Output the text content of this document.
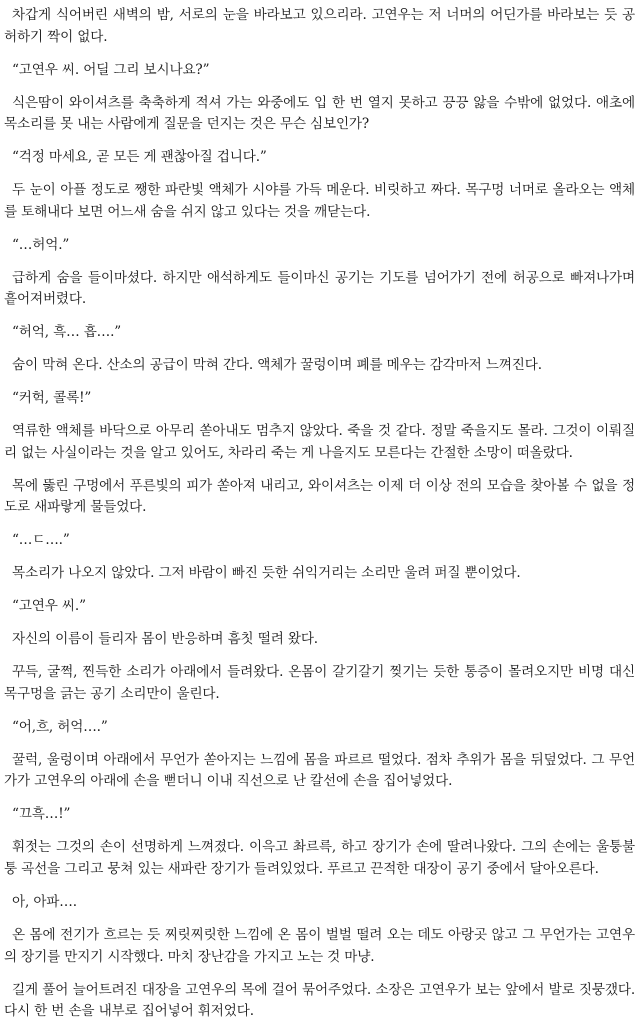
차갑게 식어버린 새벽의 밤, 서로의 눈을 바라보고 있으리라. 고연우는 저 너머의 어딘가를 바라보는 듯 공허하기 짝이 없다.

“고연우 씨. 어딜 그리 보시나요?”

식은땀이 와이셔츠를 축축하게 적셔 가는 와중에도 입 한 번 열지 못하고 끙끙 앓을 수밖에 없었다. 애초에 목소리를 못 내는 사람에게 질문을 던지는 것은 무슨 심보인가?

“걱정 마세요, 곧 모든 게 괜찮아질 겁니다.”

두 눈이 아플 정도로 쨍한 파란빛 액체가 시야를 가득 메운다. 비릿하고 짜다. 목구멍 너머로 올라오는 액체를 토해내다 보면 어느새 숨을 쉬지 않고 있다는 것을 깨닫는다.

“…허억.”

급하게 숨을 들이마셨다. 하지만 애석하게도 들이마신 공기는 기도를 넘어가기 전에 허공으로 빠져나가며 흩어져버렸다.

“허억, 흑… 흡….”

숨이 막혀 온다. 산소의 공급이 막혀 간다. 액체가 꿀렁이며 폐를 메우는 감각마저 느껴진다.

“커헉, 콜록!”

역류한 액체를 바닥으로 아무리 쏟아내도 멈추지 않았다. 죽을 것 같다. 정말 죽을지도 몰라. 그것이 이뤄질 리 없는 사실이라는 것을 알고 있어도, 차라리 죽는 게 나을지도 모른다는 간절한 소망이 떠올랐다.

목에 뚫린 구멍에서 푸른빛의 피가 쏟아져 내리고, 와이셔츠는 이제 더 이상 전의 모습을 찾아볼 수 없을 정도로 새파랗게 물들었다.

“…ㄷ….”

목소리가 나오지 않았다. 그저 바람이 빠진 듯한 쉬익거리는 소리만 울려 퍼질 뿐이었다.

“고연우 씨.”

자신의 이름이 들리자 몸이 반응하며 흠칫 떨려 왔다.

꾸득, 굴쩍, 찐득한 소리가 아래에서 들려왔다. 온몸이 갈기갈기 찢기는 듯한 통증이 몰려오지만 비명 대신 목구멍을 긁는 공기 소리만이 울린다.

“어,흐, 허억….”

꿀럭, 울렁이며 아래에서 무언가 쏟아지는 느낌에 몸을 파르르 떨었다. 점차 추위가 몸을 뒤덮었다. 그 무언가가 고연우의 아래에 손을 뻗더니 이내 직선으로 난 칼선에 손을 집어넣었다.

“끄흑…!”

휘젓는 그것의 손이 선명하게 느껴졌다. 이윽고 촤르륵, 하고 장기가 손에 딸려나왔다. 그의 손에는 울퉁불퉁 곡선을 그리고 뭉쳐 있는 새파란 장기가 들려있었다. 푸르고 끈적한 대장이 공기 중에서 달아오른다.

아, 아파….

온 몸에 전기가 흐르는 듯 찌릿찌릿한 느낌에 온 몸이 벌벌 떨려 오는 데도 아랑곳 않고 그 무언가는 고연우의 장기를 만지기 시작했다. 마치 장난감을 가지고 노는 것 마냥.

길게 풀어 늘어트려진 대장을 고연우의 목에 걸어 묶어주었다. 소장은 고연우가 보는 앞에서 발로 짓뭉갰다. 다시 한 번 손을 내부로 집어넣어 휘저었다.
